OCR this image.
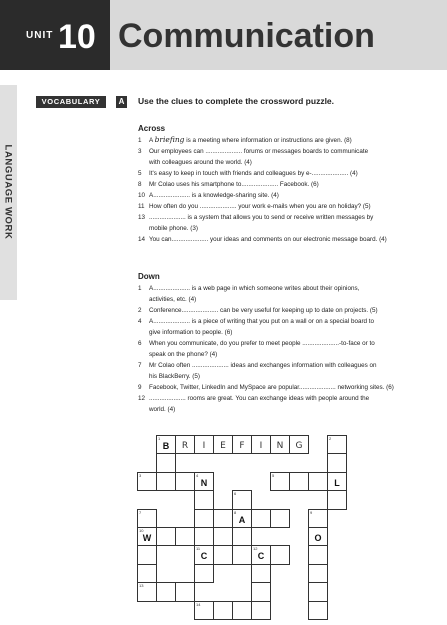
UNIT 10 Communication
LANGUAGE WORK
VOCABULARY	A	Use the clues to complete the crossword puzzle.
Across
1 A briefing is a meeting where information or instructions are given. (8)
3 Our employees can ..................... forums or messages boards to communicate
with colleagues around the world. (4)
5 It's easy to keep in touch with friends and colleagues by e-..................... (4)
8 Mr Colao uses his smartphone to..................... Facebook. (6)
10 A..................... is a knowledge-sharing site. (4)
11 How often do you ..................... your work e-mails when you are on holiday? (5)
13 ..................... is a system that allows you to send or receive written messages by
mobile phone. (3)
14 You can..................... your ideas and comments on our electronic message board. (4)
Down
1 A..................... is a web page in which someone writes about their opinions,
activities, etc. (4)
2 Conference..................... can be very useful for keeping up to date on projects. (5)
4 A..................... is a piece of writing that you put on a wall or on a special board to
give information to people. (6)
6 When you communicate, do you prefer to meet people .....................-to-face or to
speak on the phone? (4)
7 Mr Colao often ..................... ideas and exchanges information with colleagues on
his BlackBerry. (5)
9 Facebook, Twitter, LinkedIn and MySpace are popular..................... networking sites. (6)
12 ..................... rooms are great. You can exchange ideas with people around the
world. (4)
1
B	R	I	E	F	I	N	G
2
3	4
N
5
L
6
7	8
A
9
10
W	O
11
C
12
C
13
14
